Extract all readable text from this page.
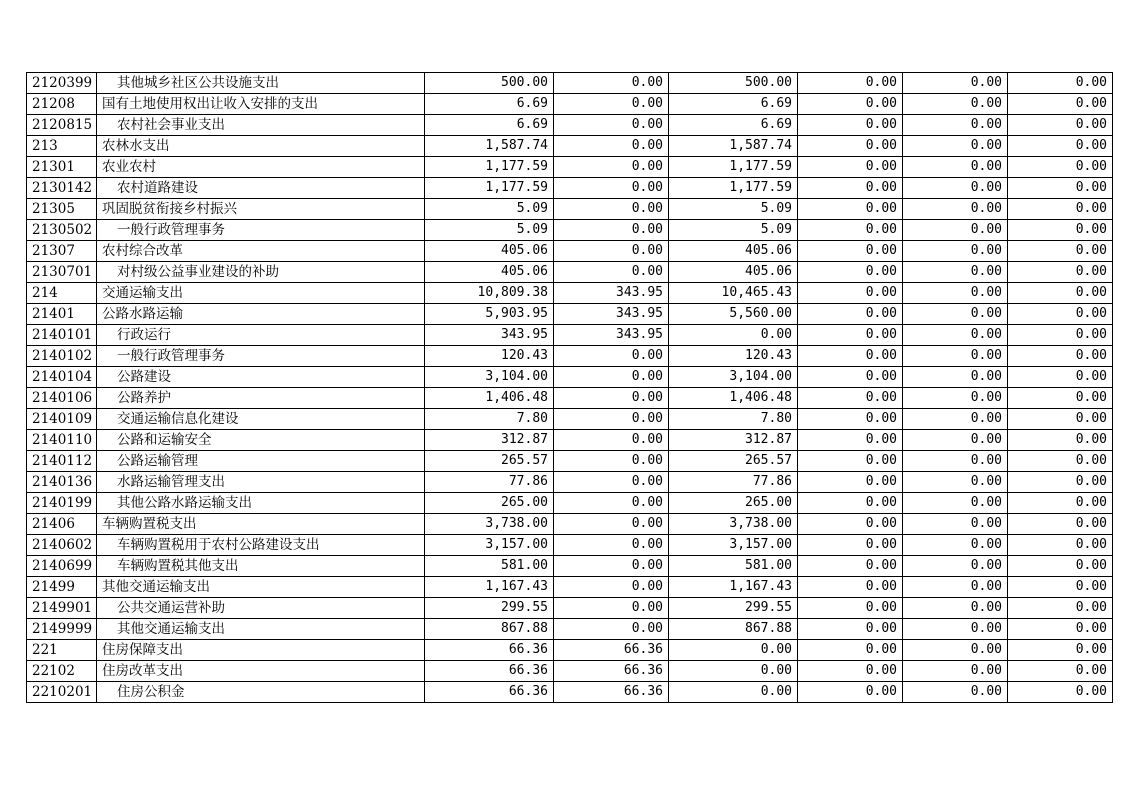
2120399	其他城乡社区公共设施支出	500.00	0.00	500.00	0.00	0.00	0.00
21208	国有土地使用权出让收入安排的支出	6.69	0.00	6.69	0.00	0.00	0.00
2120815	农村社会事业支出	6.69	0.00	6.69	0.00	0.00	0.00
213	农林水支出	1,587.74	0.00	1,587.74	0.00	0.00	0.00
21301	农业农村	1,177.59	0.00	1,177.59	0.00	0.00	0.00
2130142	农村道路建设	1,177.59	0.00	1,177.59	0.00	0.00	0.00
21305	巩固脱贫衔接乡村振兴	5.09	0.00	5.09	0.00	0.00	0.00
2130502	一般行政管理事务	5.09	0.00	5.09	0.00	0.00	0.00
21307	农村综合改革	405.06	0.00	405.06	0.00	0.00	0.00
2130701	对村级公益事业建设的补助	405.06	0.00	405.06	0.00	0.00	0.00
214	交通运输支出	10,809.38	343.95	10,465.43	0.00	0.00	0.00
21401	公路水路运输	5,903.95	343.95	5,560.00	0.00	0.00	0.00
2140101	行政运行	343.95	343.95	0.00	0.00	0.00	0.00
2140102	一般行政管理事务	120.43	0.00	120.43	0.00	0.00	0.00
2140104	公路建设	3,104.00	0.00	3,104.00	0.00	0.00	0.00
2140106	公路养护	1,406.48	0.00	1,406.48	0.00	0.00	0.00
2140109	交通运输信息化建设	7.80	0.00	7.80	0.00	0.00	0.00
2140110	公路和运输安全	312.87	0.00	312.87	0.00	0.00	0.00
2140112	公路运输管理	265.57	0.00	265.57	0.00	0.00	0.00
2140136	水路运输管理支出	77.86	0.00	77.86	0.00	0.00	0.00
2140199	其他公路水路运输支出	265.00	0.00	265.00	0.00	0.00	0.00
21406	车辆购置税支出	3,738.00	0.00	3,738.00	0.00	0.00	0.00
2140602	车辆购置税用于农村公路建设支出	3,157.00	0.00	3,157.00	0.00	0.00	0.00
2140699	车辆购置税其他支出	581.00	0.00	581.00	0.00	0.00	0.00
21499	其他交通运输支出	1,167.43	0.00	1,167.43	0.00	0.00	0.00
2149901	公共交通运营补助	299.55	0.00	299.55	0.00	0.00	0.00
2149999	其他交通运输支出	867.88	0.00	867.88	0.00	0.00	0.00
221	住房保障支出	66.36	66.36	0.00	0.00	0.00	0.00
22102	住房改革支出	66.36	66.36	0.00	0.00	0.00	0.00
2210201	住房公积金	66.36	66.36	0.00	0.00	0.00	0.00
